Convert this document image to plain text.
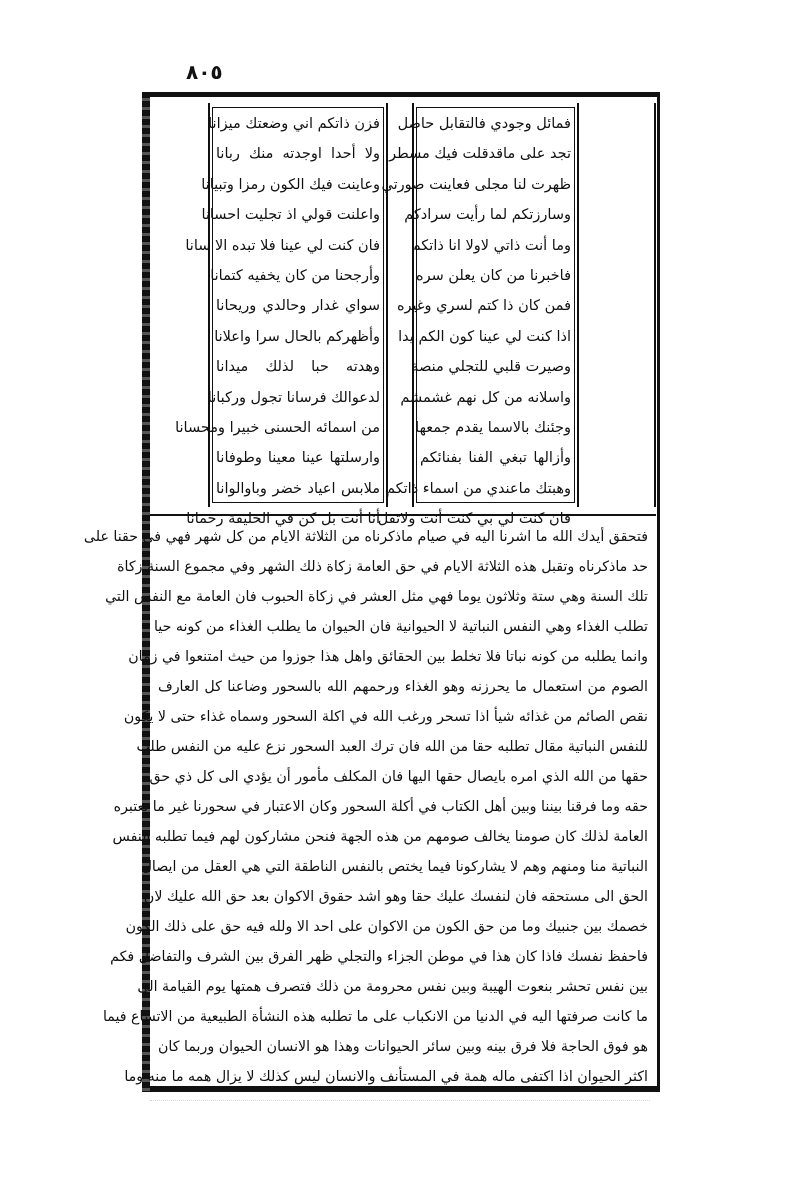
٨٠٥
فمائل وجودي فالتقابل حاصل
تجد على ماقدقلت فيك مسطرا
ظهرت لنا مجلى فعاينت صورتي
وسارزتكم لما رأيت سرادكم
وما أنت ذاتي لاولا انا ذاتكم
فاخبرنا من كان يعلن سره
فمن كان ذا كتم لسري وغيره
اذا كنت لي عينا كون الكم يدا
وصيرت قلبي للتجلي منصة
واسلانه من كل نهم غشمشم
وجئنك بالاسما يقدم جمعها
وأزالها تبغي الفنا بفنائكم
وهبتك ماعندي من اسماء ذاتكم
فان كنت لي بي كنت أنت ولاتقل
فزن ذاتكم اني وضعتك ميزانا
ولا أحدا اوجدته منك ربانا
وعاينت فيك الكون رمزا وتبيانا
واعلنت قولي اذ تجليت احسانا
فان كنت لي عينا فلا تبده الا سانا
وأرجحنا من كان يخفيه كتمانا
سواي غدار وحالدي وريحانا
وأظهركم بالحال سرا واعلانا
وهدته حبا لذلك ميدانا
لدعوالك فرسانا تجول وركبانا
من اسمائه الحسنى خبيرا ومحسانا
وارسلتها عينا معينا وطوفانا
ملابس اعياد خضر وباوالوانا
أنا أنت بل كن في الخليقة رحمانا
فتحقق أيدك الله ما اشرنا اليه في صيام ماذكرناه من الثلاثة الايام من كل شهر فهي في حقنا على
حد ماذكرناه وتقبل هذه الثلاثة الايام في حق العامة زكاة ذلك الشهر وفي مجموع السنة زكاة
تلك السنة وهي ستة وثلاثون يوما فهي مثل العشر في زكاة الحبوب فان العامة مع النفس التي
تطلب الغذاء وهي النفس النباتية لا الحيوانية فان الحيوان ما يطلب الغذاء من كونه حيا
وانما يطلبه من كونه نباتا فلا تخلط بين الحقائق واهل هذا جوزوا من حيث امتنعوا في زمان
الصوم من استعمال ما يحرزنه وهو الغذاء ورحمهم الله بالسحور وضاعنا كل العارف
نقص الصائم من غذائه شيأ اذا تسحر ورغب الله في اكلة السحور وسماه غذاء حتى لا يكون
للنفس النباتية مقال تطلبه حقا من الله فان ترك العبد السحور نزع عليه من النفس طلب
حقها من الله الذي امره بايصال حقها اليها فان المكلف مأمور أن يؤدي الى كل ذي حق
حقه وما فرقنا بيننا وبين أهل الكتاب في أكلة السحور وكان الاعتبار في سحورنا غير ما تعتبره
العامة لذلك كان صومنا يخالف صومهم من هذه الجهة فنحن مشاركون لهم فيما تطلبه النفس
النباتية منا ومنهم وهم لا يشاركونا فيما يختص بالنفس الناطقة التي هي العقل من ايصال
الحق الى مستحقه فان لنفسك عليك حقا وهو اشد حقوق الاكوان بعد حق الله عليك لان
خصمك بين جنبيك وما من حق الكون من الاكوان على احد الا ولله فيه حق على ذلك الكون
فاحفظ نفسك فاذا كان هذا في موطن الجزاء والتجلي ظهر الفرق بين الشرف والتفاضل فكم
بين نفس تحشر بنعوت الهيبة وبين نفس محرومة من ذلك فتصرف همتها يوم القيامة الى
ما كانت صرفتها اليه في الدنيا من الانكباب على ما تطلبه هذه النشأة الطبيعية من الاتساع فيما
هو فوق الحاجة فلا فرق بينه وبين سائر الحيوانات وهذا هو الانسان الحيوان وربما كان
اكثر الحيوان اذا اكتفى ماله همة في المستأنف والانسان ليس كذلك لا يزال همه ما منه وما
